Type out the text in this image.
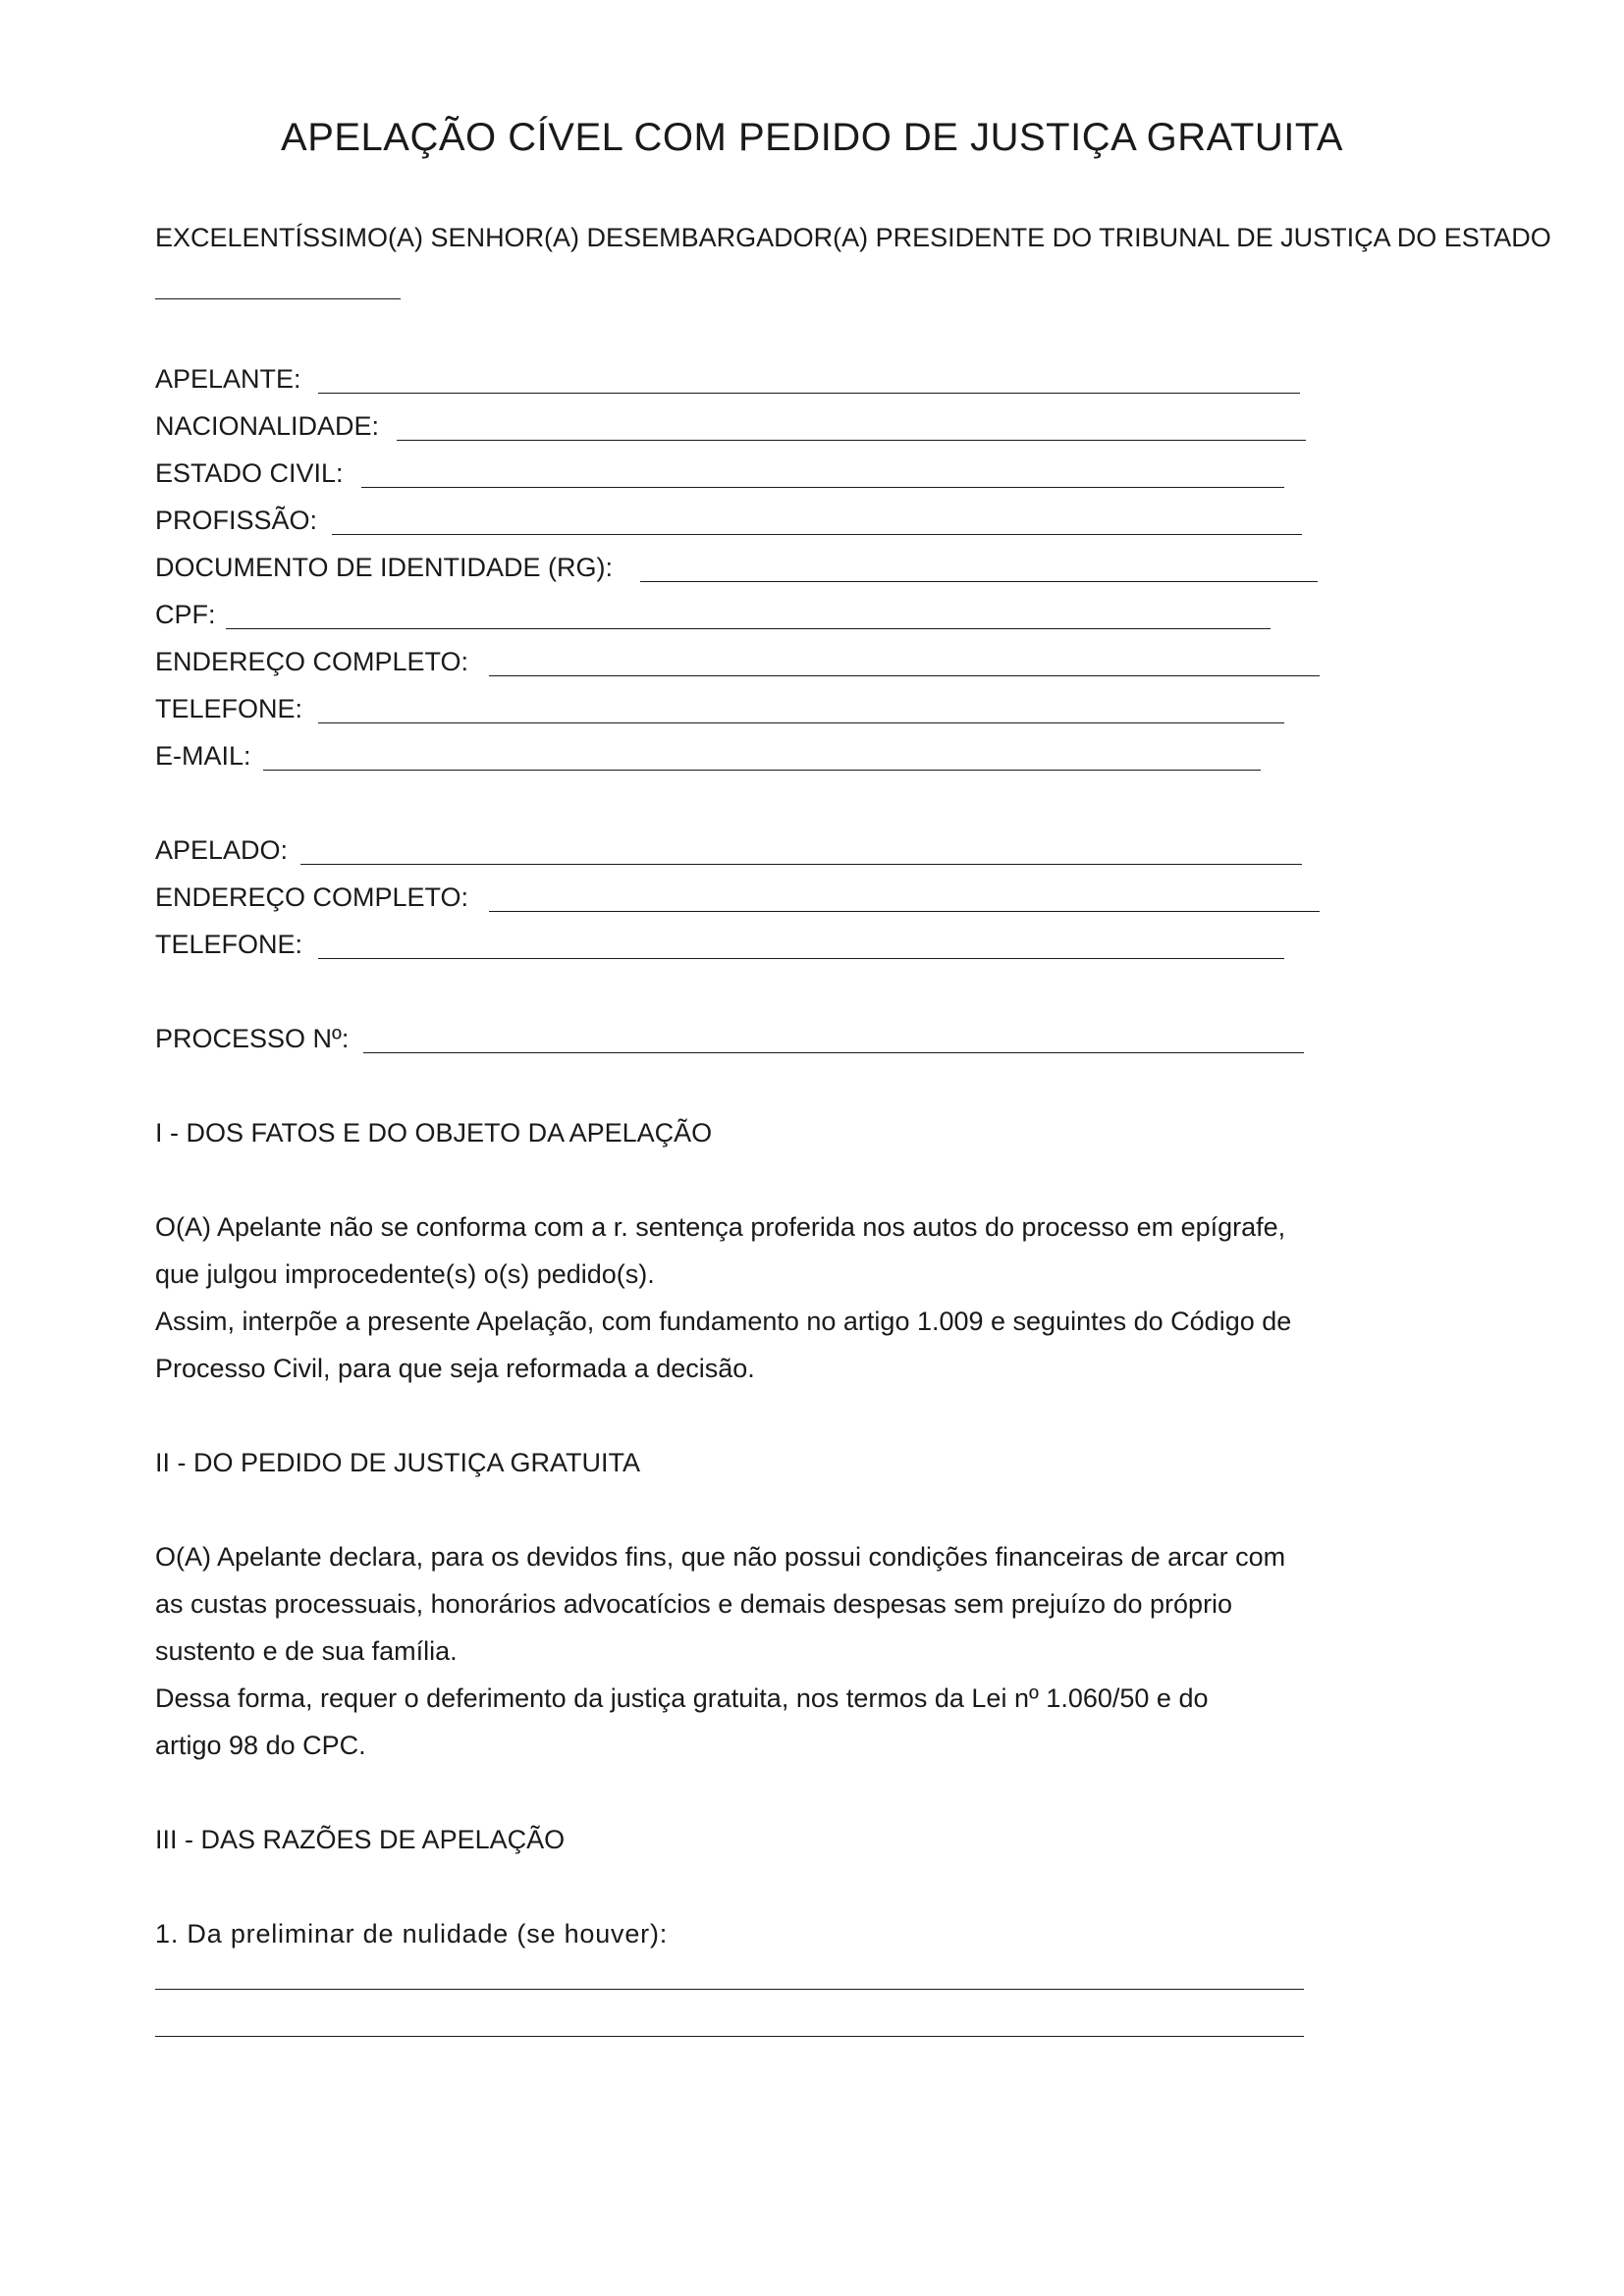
APELAÇÃO CÍVEL COM PEDIDO DE JUSTIÇA GRATUITA
EXCELENTÍSSIMO(A) SENHOR(A) DESEMBARGADOR(A) PRESIDENTE DO TRIBUNAL DE JUSTIÇA DO ESTADO
APELANTE:
NACIONALIDADE:
ESTADO CIVIL:
PROFISSÃO:
DOCUMENTO DE IDENTIDADE (RG):
CPF:
ENDEREÇO COMPLETO:
TELEFONE:
E-MAIL:
APELADO:
ENDEREÇO COMPLETO:
TELEFONE:
PROCESSO Nº:
I - DOS FATOS E DO OBJETO DA APELAÇÃO
O(A) Apelante não se conforma com a r. sentença proferida nos autos do processo em epígrafe,
que julgou improcedente(s) o(s) pedido(s).
Assim, interpõe a presente Apelação, com fundamento no artigo 1.009 e seguintes do Código de
Processo Civil, para que seja reformada a decisão.
II - DO PEDIDO DE JUSTIÇA GRATUITA
O(A) Apelante declara, para os devidos fins, que não possui condições financeiras de arcar com
as custas processuais, honorários advocatícios e demais despesas sem prejuízo do próprio
sustento e de sua família.
Dessa forma, requer o deferimento da justiça gratuita, nos termos da Lei nº 1.060/50 e do
artigo 98 do CPC.
III - DAS RAZÕES DE APELAÇÃO
1. Da preliminar de nulidade (se houver):
